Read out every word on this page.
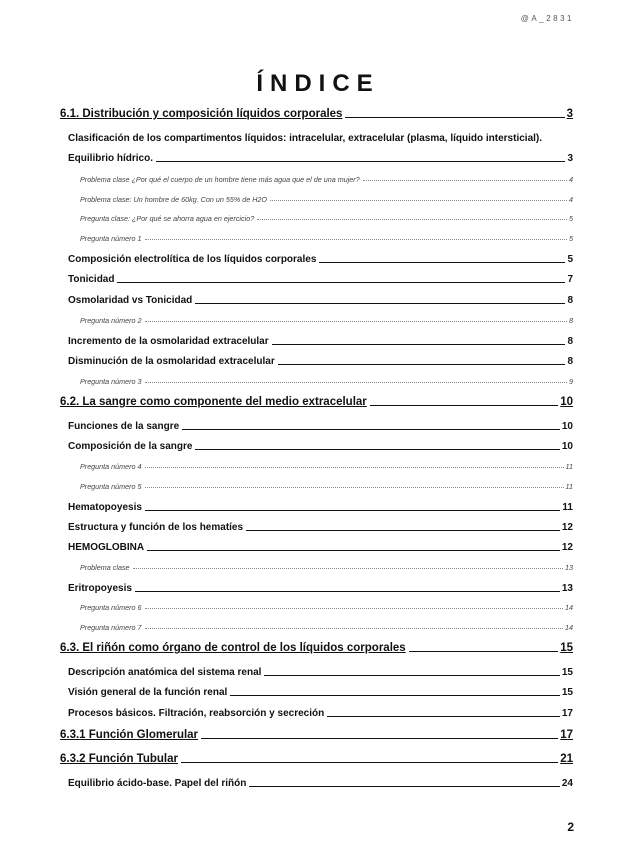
@A_2831
ÍNDICE
6.1. Distribución y composición líquidos corporales	3
Clasificación de los compartimentos líquidos: intracelular, extracelular (plasma, líquido intersticial).
Equilibrio hídrico.	3
Problema clase ¿Por qué el cuerpo de un hombre tiene más agua que el de una mujer?	4
Problema clase: Un hombre de 60kg. Con un 55% de H2O	4
Pregunta clase: ¿Por qué se ahorra agua en ejercicio?	5
Pregunta número 1	5
Composición electrolítica de los líquidos corporales	5
Tonicidad	7
Osmolaridad vs Tonicidad	8
Pregunta número 2	8
Incremento de la osmolaridad extracelular	8
Disminución de la osmolaridad extracelular	8
Pregunta número 3	9
6.2. La sangre como componente del medio extracelular	10
Funciones de la sangre	10
Composición de la sangre	10
Pregunta número 4	11
Pregunta número 5	11
Hematopoyesis	11
Estructura y función de los hematíes	12
HEMOGLOBINA	12
Problema clase	13
Eritropoyesis	13
Pregunta número 6	14
Pregunta número 7	14
6.3. El riñón como órgano de control de los líquidos corporales	15
Descripción anatómica del sistema renal	15
Visión general de la función renal	15
Procesos básicos. Filtración, reabsorción y secreción	17
6.3.1 Función Glomerular	17
6.3.2 Función Tubular	21
Equilibrio ácido-base. Papel del riñón	24
2
